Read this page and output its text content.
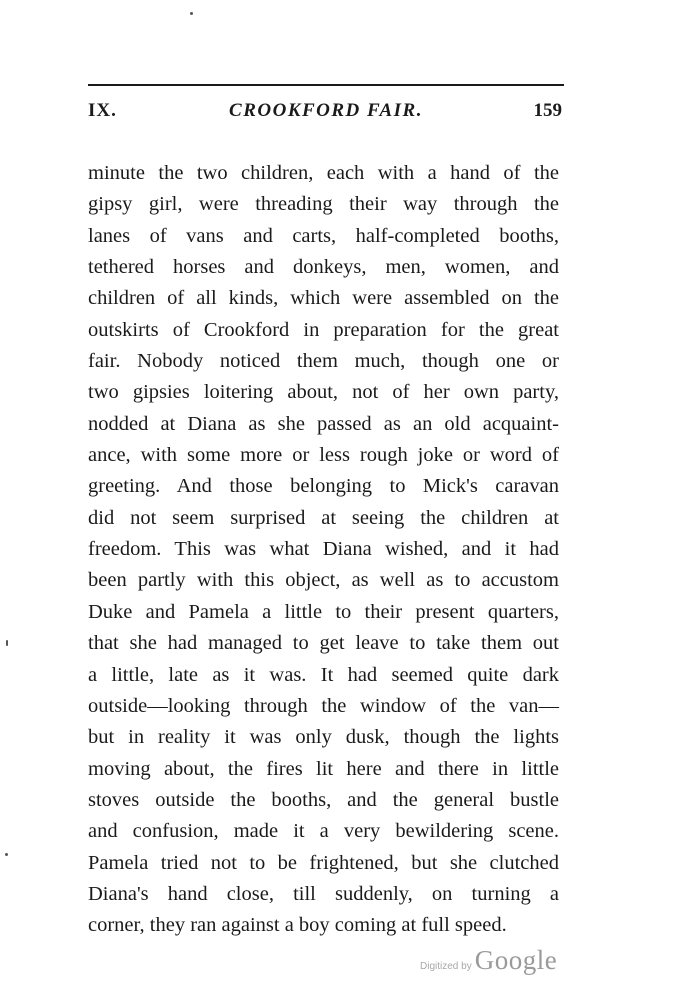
IX.	CROOKFORD FAIR.	159
minute the two children, each with a hand of the
gipsy girl, were threading their way through the
lanes of vans and carts, half-completed booths,
tethered horses and donkeys, men, women, and
children of all kinds, which were assembled on the
outskirts of Crookford in preparation for the great
fair. Nobody noticed them much, though one or
two gipsies loitering about, not of her own party,
nodded at Diana as she passed as an old acquaint-
ance, with some more or less rough joke or word of
greeting. And those belonging to Mick's caravan
did not seem surprised at seeing the children at
freedom. This was what Diana wished, and it had
been partly with this object, as well as to accustom
Duke and Pamela a little to their present quarters,
that she had managed to get leave to take them out
a little, late as it was. It had seemed quite dark
outside—looking through the window of the van—
but in reality it was only dusk, though the lights
moving about, the fires lit here and there in little
stoves outside the booths, and the general bustle
and confusion, made it a very bewildering scene.
Pamela tried not to be frightened, but she clutched
Diana's hand close, till suddenly, on turning a
corner, they ran against a boy coming at full speed.
Digitized by Google
